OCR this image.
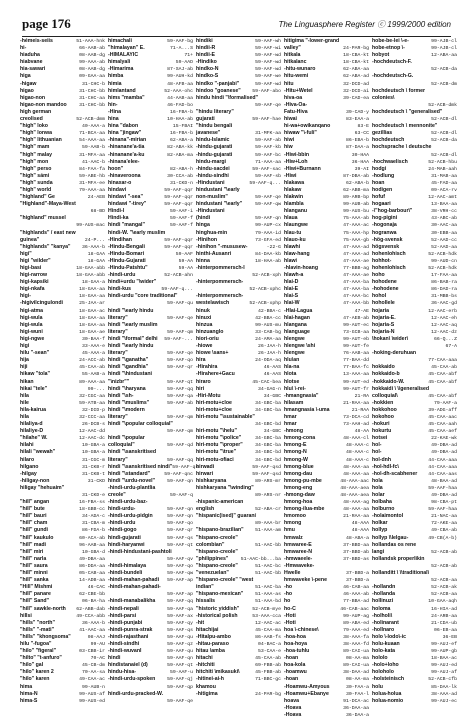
page 176	The Linguasphere Register ⓒ 1999/2000 edition
-hémeis-seiis	51-AAA-hnk
hi-	66-AAB-ab
hiaduha	08-AAB-dg
hiabvane	99-AAA-ab
hia-sawari	08-AAB-dg
higa	09-GAA-aa
-higaw	31-CHC-b
higao	31-CHC-bb
higao-non	31-CHC-aa
higao-non mandoo	31-CHC-bb
high german
creolised	52-ACB-dmm
"high" loko	40-AAA-a
"high" lonwa	71-BCA-aa
"high" lithuanian	54-AAA-aa
"high" mam	59-AAB-b
"high" malay	31-MFA-aa
"high" mon	41-AAC-b
"high" perso	84-FAA-fa
"high" sámi	59-ABE-hb
"high" sunda	31-MFA-ee
"high" world	79-AAA-aa
"highland" Ge	24-AEB
"Highland"-Maya-West
68-BD
"highland" mussel
99-AUS-mac
"highlands" / east new
guinea"	24-P...
"highlands" "kanya" 36-AAA-b
higi"	18-GAA
higi "wilder"	18-GAA
higi-basi	18-GAA-abb
higi-rarrow	18-GAA-abb
higi-kapsiki	18-GAA-a
higi-nkafa	18-GAA-aa
higi-	18-GAA-aa
-higivilcingulondi	25-JAA-ar
higi-atma	18-GAA-ac
higi-wula	18-GAA-aa
higi-wula	18-GAA-aa
higi-wuni	18-GAA-ae
higi-ngwe	30-BAA-f
higi	33-AAA-e
hilu "-sean"	45-AAA-a
hija	24-ACC-ab
hiji	45-CAA-ab
hikaw "tola"	55-AAB-a
hikan	89-AAA-aa
hikai "tele"	99-...
hila	32-CGC-aa
hile	59-ATB-aa
hila-kairua	32-DID-p
hila	32-CCC-aa
hilaliya-d	26-DCB-s
hilaliye-D	12-AAC-dd
"hilahe" W.	12-AAC-dc
hilahi	10-GBA-a
hilali "wewah"	10-GBA-a
hilaro	31-CGC-m
hilgano	31-CKB-r
-hilgay	31-CKB-t
-hiligay-non	31-CKD
hiligay "hehuaim"
31-CKD-e
"hill" angan	16-FBA-ss
"hill" bute	18-GBB-cc
"hill" bauri	34-ADA-c
"hill" cham	31-CBA-m
"hill" gundi	86-FDA-b
"hill" kaukulo	60-ACA-ab
"hill" madi	96-AAB-aa
"hill" miri	10-GBA-d
"hill" narla	49-DBA-aa
"hill" saura	86-DDA-aa
"hill" minni	05-CAB-aa
"hill" sanka	14-ADB-aa
"Hill" Mishmi	46-CAC
"hill" panare	62-CBE-bb
"hill" Sand"	06-BA-ha
"hill" sawkle-north 62-ABB-dab
hillsi	49-CCA-abb
"hills" "north"	36-AAA-b
"hills" "-mati"	41-AAC-aa
"hills" "khongsoma"	08-AAJ
hilu "-fugoa"	99-AU
"hilo" "figeral"	03-CBB-ir
"hilto" "t-anfuro"	70-AC
"hilo" gal	45-CB-dm
"hilo" karen 2	70-AA-sa
"hilo" karen	49-CAA-ac
hima	99-AUB-n
hima-N	99-AUS-af
hima-S	99-AUS-ed
himachali	59-AAF-bg
"himalayan" E.	71-A...S
-HIMALAYIC	71+
himalyali	59-AAD
-Himarima	87-SAJ-ab
himba	99-AUH-kd
himia	48-AFB-aa
himlantand	52-AAA-ohc
hims "mamba"	44-AAB-aa
hin-	46-FAD-bo
-Hina	16-FBA-b
hina	10-HAA-ab
hina "dabon	15-FBAI
hina "jingaw"	16-FBA-b
-hinana"-mirian	62-ABA-a
-hinanane'a-tia	82-ABA-kk
-hinanane'a-ku	82-ABA-ma
-hinana'elee-
hoon"	82-ABA-h
-hinaveroona	30-CCA-ab
hinaxar-o	31-CKD-n
hindavi	59-AAF-qqr
hindavi "-sea"	59-AAF-qqr
hindawi "-tirey"	59-AAF-qqr
Hindi-I	59-AAF-i
Hindi-ka	59-AAF-f
hindi "mangal"	59-AAF-f
hindi-W. "\early muslim
-Hindihan	59-AAF-qqr
-Hindu-Bengali	59-AAF-qqr
-Hindu-Bomari	59-AAF
-Hindu-Gujarati	59-AA
-Hindu-Patshtu"	59-AA
-hindi-urdu	52-ACB-ahn
hindi+urdu "\wider"
hindi-kus	59-AAF-q...
hindi-urdu "core traditional"
59-AAF-qu
hindi "\early hindu
literary"	59-AAF-qe
hindi "\early muslim
literary"	59-AAF-qm
hindi "\formal" delhi 59-AAF-...
hindi "\early hindu
literary"	59-AAF-qe
hindi "\ganatha"	59-AAF-qo
hindi "\gandhia"	59-AAF-qr
hindi "\hindustani
"\nizbr""	59-AAF-qt
hindi "\haryana	59-AAF-qq
hindi "\sh-	59-AAF-qa
hindi "\muslims"	59-AAF-ab
hindi "\modern
literary"	59-AAF-qm
hindi "\popular colloquial"
59-AAF-qm
hindi "\popular
colloquial"	59-AAF-qd
hindi "\sanskritised
literary"	59-AAF-qq
hindi "\sanskritised nindi" 59-AAF-qs
hindi "\standard"	59-AAF-qnc
hindi "\urdu-novel"	59-AAF-qn
-hindi-urdu-plantlia
creole"	59-AAF-q
-hindi-urdu-baz-
hindi-urdu-	59-AAF-qn
-hindi-urdu-pidgin	59-AAF-qn
-hindi-urdu	59-AAF-qo
-hindi-gogo	59-AAF-qr
hindi-gujarati	59-AAF-qs
hindi-haryanwi	59-AAF-qt
-hindi-hindustani-pashtoli
59-AAF-qv
-hindi-himalaya	59-AAF-qo
-hindi-bundeli	59-AAF-qw
-hindi-mahan-pahadi 59-AAF-ap
-hindi-mahan-pahadi-
59-AAF-ap
-hindi-manabalikha 59-AAF-qq
-hindi-nepali	59-AAF-qa
-hindi-parsi	59-AAF-ax
-hindi-punjabi	59-AAF-qy
-hindi-punra-strak	59-AAF-qs
-hindi-rajasthani	59-AAF-qu
-hindi-sindhi	59-AAF-qz
-hindi-wuvanl	59-AAF-qu
hindi	59-AAF-qn
hindistanaiel (d)	59-AAF-qt
hindu-hisa-	59-AAF-u
-hindi-urdu-spoken 59-AAF-qj
59-AAF-qp
hindi-urdu-pracked-W.
59-AAF-qe
hindiki	59-AAF-wh
hindii-R	59-AAF-wi
hindii-E	59-AAF-wd
-Hindiko	59-AAF-wd
hindko-N	59-AAF-wd
hindko-S	59-AAF-we
hindko "-panjabi"	59-AAF-wd
hindoo "goanese" 59-AAF-abo
hindu hindi "\formalised"
59-AAF-qe
"hindu literary"
gujarati	59-AAF-hae
"hindu bengali
javanese"	31-MFK-aa
hindu-Islamic	59-AAF-ab
-hindu-gujarati	59-AAF-kb
-hindu-gujarati	59-AAF-bc
hindu-margi	71-AAA-aa
-hindu-sacdei	59-AAF-sac
-hindu-sindhi	59-AAF-sb
-Hindustani	59-AAF-q...
hindustani "\early
non-muslim"	59-AAF-qe
hindustani "\early"	59-AAF-qw
-Hindustani
(hindi	59-AAF-qn
hinga	99-AUP-cx
hinghua-min	79-AAA-id
-Hinihon	73-GFA-ed
-hinihon "-mususew-	-22-G
hinthi-Ausanri	84-DAA-kb
hinna	18-HAA-ab
-hinterpommersch-I
52-ACB-xph
-hinterpommersch-
52-ACB-xphc
-hinterpommersch-
westelawisch	52-ACB-xphp
hinuk	42-BBA-c
hinuxi	42-BBA-cc
hinzua	99-AUS-mu
hinzuanglo	33-CAB-bg
hiori-oriu	24-AMA-aa
-hiowe	26-JAA-h
hiowe \sans+	26-JAA-h
hira	24-ODA-aq
-Hirahira	46-AAS
-Hirahere+Gacu	46-AAS
hiraro	45-CAC-bea
hiri	34-GAG-n
-Hiri-Motu	34-GBC
hiri-motu+cloe	34-GBC-ba
hiri-motu+cloe	34-GBC-ba
hiri-motu "\sustainable"
34-GBC-bd
hiri-motu "\helu"	34-GBC
hiri-motu "\police"	34-GBC-ba
hiri-motu "\proper"	34-GBC-ba
hiri-motu "\true"	34-GBC-bd
hiri-motu-ofiaci	34-GBC-bd
hirwadi	59-AAF-qsd
hirwari	59-AAF-qsd
hishkaryana	89-ARS-mr
hishkaryana "\winding"
89-ARS-nr
-hispanic-american
english	52-ABA-cr
"hispanic(ised)" guaraní
89-AAA-br
"hispano-brazilian" 51-AAA-am
"hispano-creole"
colombian"	51-AAC-bb
"hispano-creole"
"philippines"	51-AAC-bb...ba
"hispano-creole"	51-AAC-bc
"venezuelan"	51-AAC-bb
"hispano-creole" "west
indian"	51-AAC-ba
"hispano-mexican" 51-AAA-as
hissalis	51-AAA-bd
"historic yiddish"	52-ACB-mye
-historical polish	53-AAA-cca
-hit	12-AAC-ac
hitachijai	45-CAA-ma
-Hitalpu-ambo	86-AAB-fs
-hitau-paraso	04-BAC-a
hitau \amba	53-CAA-e
hitachi	45-CAA-ab
-hitchiti	69-FBB-ab
hitchiti \mikasuki\	45-FBB-ab
-hitinei-ai-h	71-BBC-gc
khamou
-hitigima	24-PAR-bg
hitigima "-lower-grand
valley"	24-PAR-bg
hitkala	18-CBA-kt
hitkalanc	18-CBA-kt
-hitu-wunaro	62-ABA-aa
hitu-wemi	62-ABA-ad
hitu	32-DCD-ad
-Hitu+Wetel	32-DCD-ai
hiva-oa	39-CAD-ea
-Hiva-Oa-
Fatu-Hiva	39-CAD-y
hiwai	83-EAA-a
hi-wa+owikanqano	83-E
hiwaw "\-fuli"	63-CC
hiwi	86-EBA-b
hiw	87-DAA-a
-Hiwi-bbin	30-HAA
-Hiw+Loh	36-HAA
-Hiwi+Burnann	39-AI
-Hiwi	87-DBA-ab
hlakawa	62-ABA-b
hlakaw	62-ABB-ma
hlakwin	89-ARB-bp
hlambla	99-AUB-ab
hlanganu	99-AUS-bu
hlaua	75-AAA-ab
hlaungwe	47-AAA-ac
hlau-tu	75-AAA-hp
hlauo-ku	75-AAA-gb
hlawhi	47-AAA-ad
hlaw-hang	47-AAA-ad
hlawi	47-AAA-ae
-hlavin-hoang	77-BBB-ag
hlawh-a	47-AAA-ae
hlai-D	47-AAA-ba
hlai-E	47-AAA-ba
hlai-S	47-AAA-bc
hlai-W	47-AAA-bb
-Hlai-Lagua	47-AE
hlai-hagan	47-AEB-ab
hlangana	99-AUT-ec
hlanguage	73-GCB-aa
hlengwe	99-AUT-eb
hlengwe \shi	99-AUT-fe
hlengwe	76-AAB-aa
hlu\an	77-BAA-dd
hla-na	77-BAA-fc
hlota	13-AAA-aa
hlotse	99-AUT-ed
hlu\ \-rei-	99-AUT-fr
-hmangnasia"	21-RA
hilasam	21-RAA-aa
hmangnasia \-uma	21-RAA
hmar	73-DCA-cd
hmar	73-AAH-ad
-hmong	48-AA
hmong-cona	48-AAA-cl
hmong-E	48-AAA-c
hmong-N	48-AAA-c
hmong-W	48-AAA-c
hmong-blue	48-AAA-aa
hmong-dau	48-AAA-aa
hmong-pu-mbe	48-AAA-aac
hmong-eng	48-AAA-aea
-hmong-daw	48-AAA-aea
hmong-hoa	48-AAA-ag
hmong-ilua-mbe	48-AAA-aa
hmomoo	21-RAA-aa
hmong	48-AAA
hmu	48-AAA
hmwalz	48-ABA-a
hmwaree-E	37-BBD-aa
hmwaree-N	37-BBD-ab
-hmwaeele-	37-BBD-as
-Hmwaveke-
Hwelle	37-BBD-a
hmwaveke \-pene	37-BBD-a
-ho	46-CAB-aa
-ho	46-AAA-ab
ho	77-BBA-ad
ho-C	46-CAB-aac
-Hoti	99-AUP-ag
-Hoti	89-ABA-ed
hoa \-chinese\	79-AAA-ed
-hoa-hoa	38-AAA-fa
hoa-hoya	38-AAA-fd
-hoa-tuhlu	89-CAI-ua
-hoan	08-AA-ma
hoa-kola	89-CAI-ua
-hoamwu	38-DAA-ad
-hoan	08-AA-ma
-Hoamwu-Amyous	30-FAA-a
-Hoamwu+Ebanye	30-FAA-l
hoava	91-DCA-ac
-Hoava	36-DAA-aa
-Hoava	36-DAA-a
hobe-be-lei \-e-	99-AJB-cl
hobe-etnop \-	99-AJB-cl
hobyot	12-ABA-aa
-hochdeutsch-F.
52-ACB-da
-hochdeutsch-G.
52-ACB-dm
hochdeutsch \ former
colonies\
52-ACB-dmk
hochdeutsch \ "generalised"
52-ACB-dl
hochdeutsch \ mennonite"
gezillias	52-ACB-dl
hochdeutsch	52-ACB-da
hochsprache \ deutsche
52-ACB-dl
-hochwaelisch	52-ACB-hbu
hodgi	24-MAB-aah
-hodlung	31-MAB-aa
hoan	45-FAD-aa
hodigen	09-ACA-rv
hofuf	12-AAC-amt
hogaari	13-BAA-aa
-\"hog-barbour\"	38-VRH-cc
hog-pigini	43-ABC-ab
-hogonaja	30-AAC-aa
hogranwa	30-EBB-aa
-hög-svensk	52-AAD-cc
högsvensk	52-AAD-aa
hohenlohisch	52-ACB-hdk
hohhot-	99-AUD-cn
hohenlohisch	52-ACB-hdk
hoho	17-FAA-aa
hohodene	86-BAB-ra
-hohodene	86-DAD-ra
hohol	31-MBB-bs
hohollele	36-AAC-gd
hojaria	12-AAC-erb
hojaria-E.	12-AAC-eh
hojaria-S	12-AAC-aq
hojaria-N	12-AAC-dz
\hokan\ \wider\	66-Q...Z
67-A
-hoking-deruhuan
77-CAA-aaa
hokkaido	45-CAA-ab
hokkaido-b	45-CAA-abf
-hokkaido-W.	45-CAA-abf
hokkaidi \ \\generalised
colloquial\	45-CAA-abf
-hokkien	79-AAF-a
hokkohoo	39-ADG-aff
hokohoo	45-CAA-aac
-hokuri	45-CAA-aah
hokurtu	45-CAA-aef
hotsei	22-KAE-wk
hol-	49-DBA-ad
hol-	49-DBA-ad
hol-dnh	44-CAA-aaa
-hol-hdl-fc\	44-CAA-aaa
-hol-dh-scabhener 44-CAA-aas
hola	48-BAA-ad
hola	59-AAF-haa
holar	49-DBA-ad
holbaha	98-CBA-pt
holburno	59-AAF-haa
-holaimontol	21-NAC-aa
holkar	72-AKE-aa
hollyp	49-CBA-ab
hollyp \\lelgau-	49-CB(A-b)
hollandas os rene
langi	52-ACB-ab
hollandsk properlikin
52-ACB-ab
hollanditt \ \\traditional\
52-ACB-aa
-hollandn	52-ACB-ak
-hollanda	52-ACB-aa
hollinuzi	10-GAA-aqh
holoma	16-HIA-ad
-holholi\	24-ARB-aa
-holinarant	21-CDA-ub
-hollnaro	06-EB-aa
holo \-lodo\-ic	36-EB
holu-kuaan	99-AUJ-ef
holo-kata	99-AUP-gb
hololo	18-BAA-ac
-holo+loho	99-AUJ-ed
holoholo	99-AUJ-af
-holsteinisch	52-ACB-cfb
holu	85-DAA-lk
holua-holua	38-AAA-ad
holua-nomio	99-AUJ-ec
